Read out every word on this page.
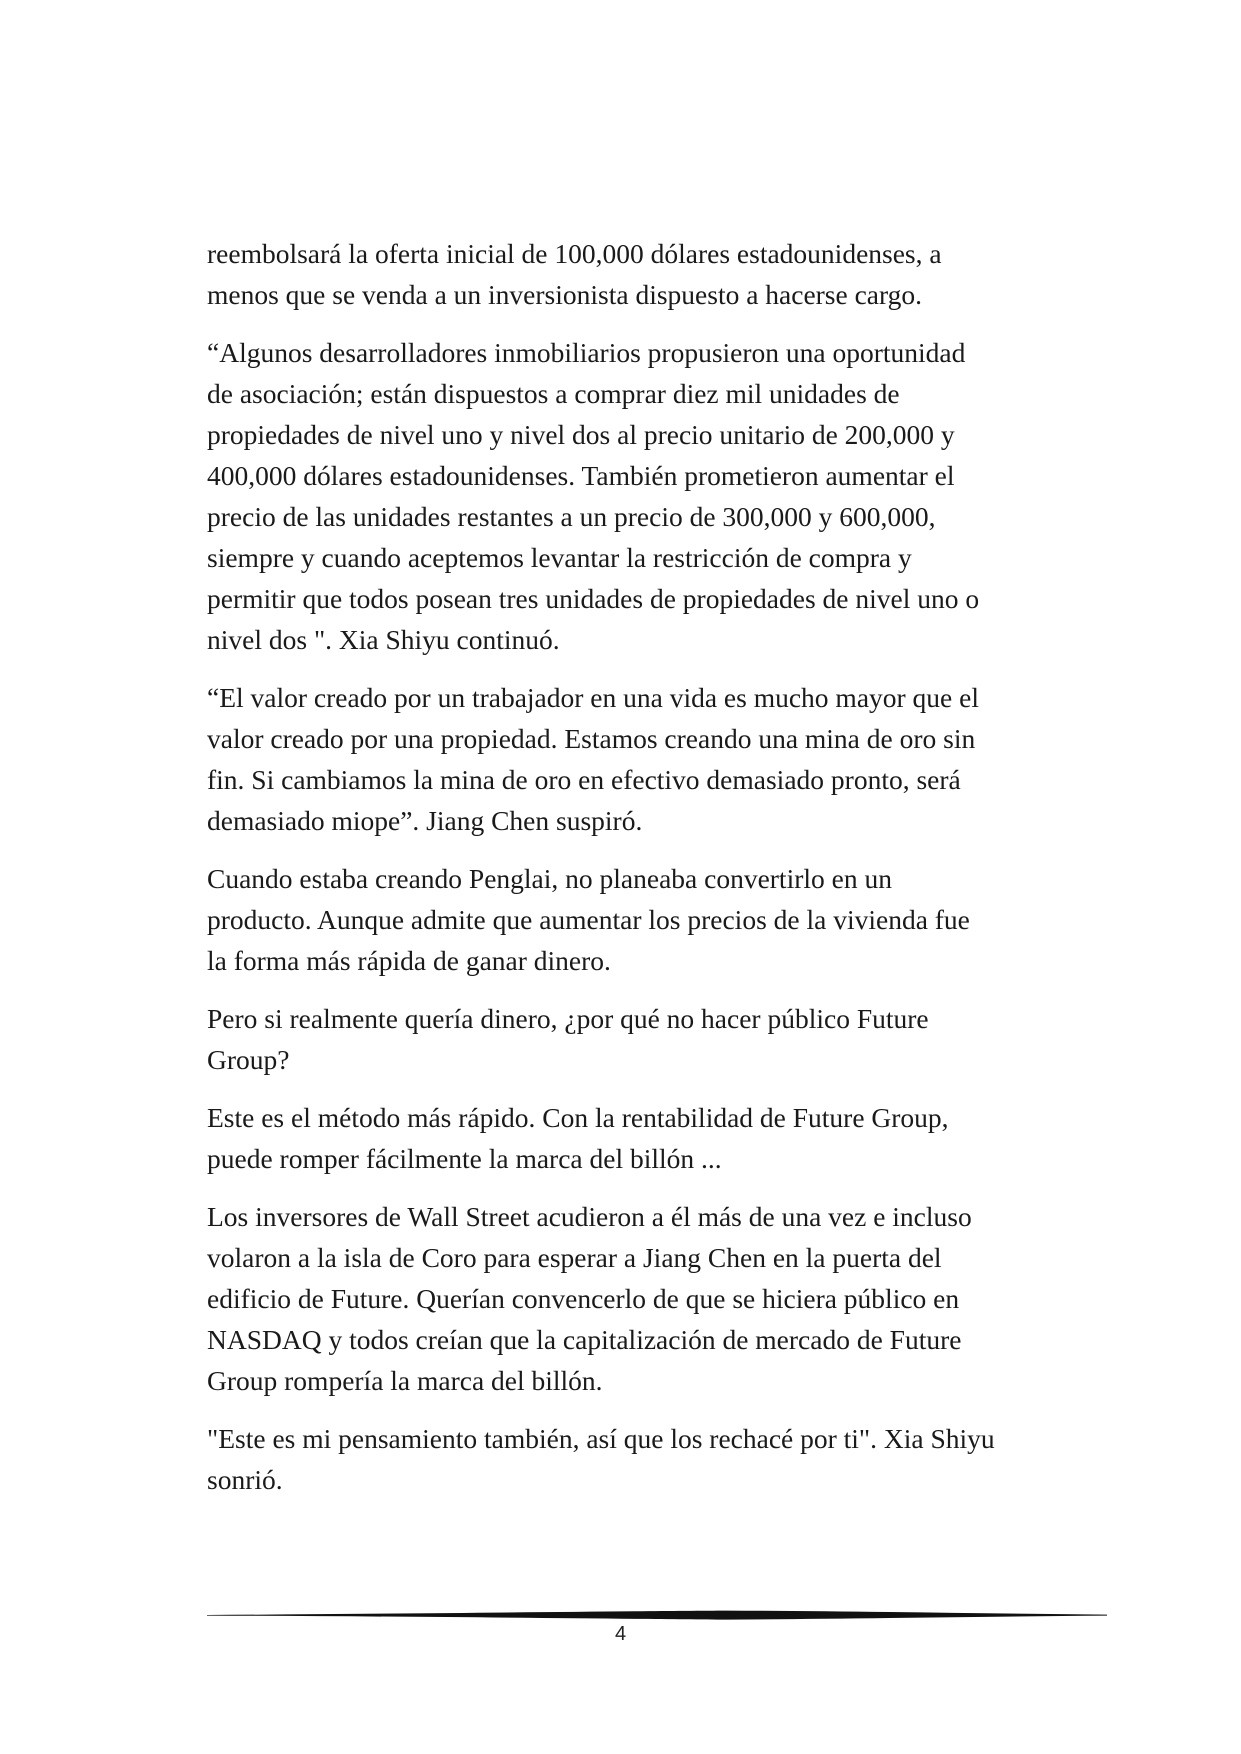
reembolsará la oferta inicial de 100,000 dólares estadounidenses, a
menos que se venda a un inversionista dispuesto a hacerse cargo.

“Algunos desarrolladores inmobiliarios propusieron una oportunidad
de asociación; están dispuestos a comprar diez mil unidades de
propiedades de nivel uno y nivel dos al precio unitario de 200,000 y
400,000 dólares estadounidenses. También prometieron aumentar el
precio de las unidades restantes a un precio de 300,000 y 600,000,
siempre y cuando aceptemos levantar la restricción de compra y
permitir que todos posean tres unidades de propiedades de nivel uno o
nivel dos ". Xia Shiyu continuó.

“El valor creado por un trabajador en una vida es mucho mayor que el
valor creado por una propiedad. Estamos creando una mina de oro sin
fin. Si cambiamos la mina de oro en efectivo demasiado pronto, será
demasiado miope”. Jiang Chen suspiró.

Cuando estaba creando Penglai, no planeaba convertirlo en un
producto. Aunque admite que aumentar los precios de la vivienda fue
la forma más rápida de ganar dinero.

Pero si realmente quería dinero, ¿por qué no hacer público Future
Group?

Este es el método más rápido. Con la rentabilidad de Future Group,
puede romper fácilmente la marca del billón ...

Los inversores de Wall Street acudieron a él más de una vez e incluso
volaron a la isla de Coro para esperar a Jiang Chen en la puerta del
edificio de Future. Querían convencerlo de que se hiciera público en
NASDAQ y todos creían que la capitalización de mercado de Future
Group rompería la marca del billón.

"Este es mi pensamiento también, así que los rechacé por ti". Xia Shiyu
sonrió.

4
